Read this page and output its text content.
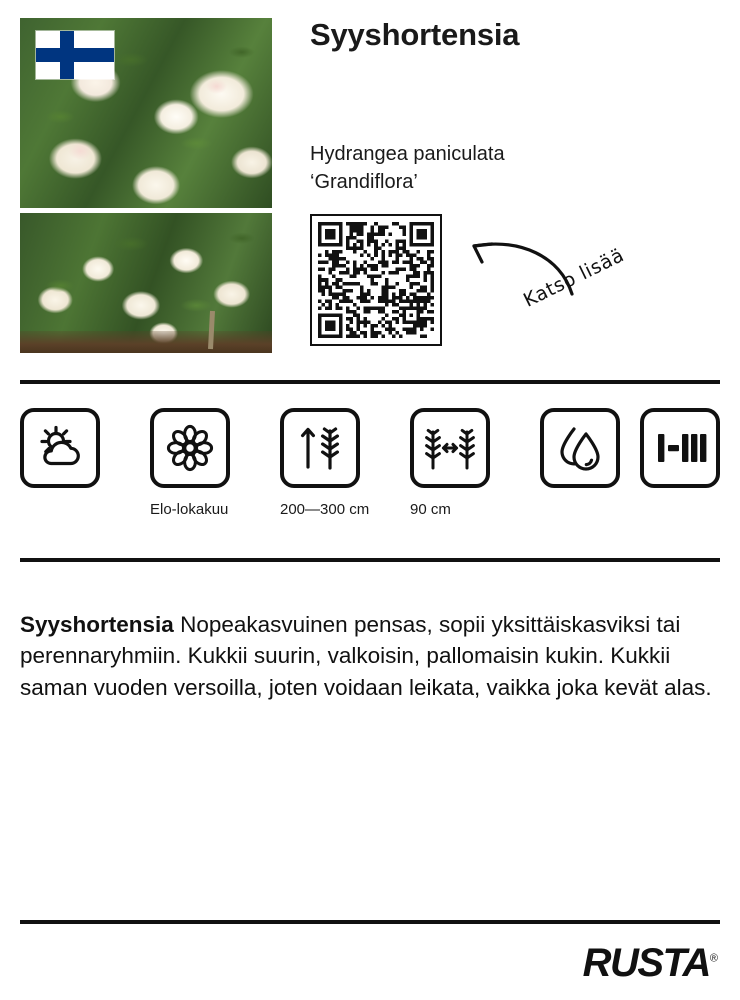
Syyshortensia
Hydrangea paniculata
‘Grandiflora’
Katso lisää
Elo-lokakuu	200—300 cm	90 cm

Syyshortensia Nopeakasvuinen pensas, sopii yksittäiskasviksi tai perennaryhmiin. Kukkii suurin, valkoisin, pallomaisin kukin. Kukkii saman vuoden versoilla, joten voidaan leikata, vaikka joka kevät alas.

RUSTA®
